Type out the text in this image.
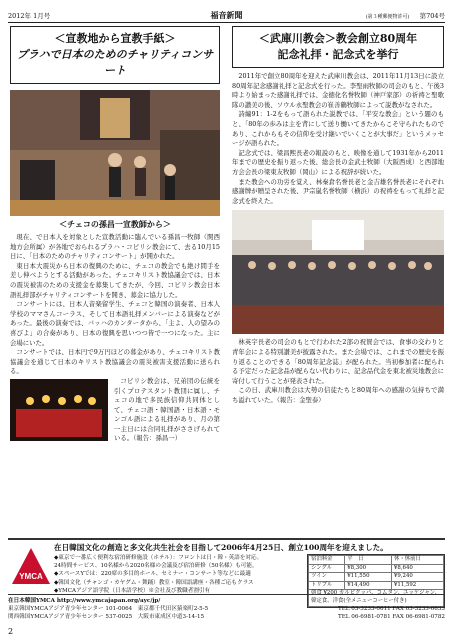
2012年 1月号	福音新聞	(第３種郵便物許可) 第704号
＜宣教地から宣教手紙＞
プラハで日本のためのチャリティコンサート
＜チェコの孫昌一宣教師から＞

現在、で日本人を対象とした宣教活動に臨んでいる孫昌一牧師（関西地方会所属）が各地でおられるプラハ・コピリシ教会にて、去る10月15日に、「日本のためのチャリティコンサート」が開かれた。

東日本大震災から日本の復興のために、チェコの教会でも絶け間手を差し伸べようとする活動があった。チェコキリスト教協議会では、日本の震災被害のための支援金を募集してきたが、今回、コピリシ教会日本語礼拝部がチャリティコンサートを開き、募金に協力した。

コンサートには、日本人音楽留学生、チェコと韓国の演奏者、日本人学校のママさんコーラス、そして日本語礼拝メンバーによる演奏などがあった。最後の演奏では、バッハのカンタータから、「主よ、人の望みの喜びよ」の合奏があり、日本の復興を思いつつ皆で一つになった。主に会場にいた。

コンサートでは、日本円で9万円ほどの募金があり、チェコキリスト教協議会を通じて日本のキリスト教協議会の震災被害支援活動に送られる。

コピリシ教会は、兄弟団の伝統を引くプロテスタント教団に属し、チェコの地で多民族信仰共同体として、チェコ語・韓国語・日本語・モンゴル語による礼拝があり、月の第一主日には合同礼拝がささげられている。（報告：孫昌一）

＜武庫川教会＞教会創立80周年
記念礼拝・記念式を挙行

2011年で創立80周年を迎えた武庫川教会は、2011年11月13日に設立80周年記念感謝礼拝と記念式を行った。李聖雨牧師の司会のもと、午後3時より始まった感謝礼拝では、金徳化名誉牧師（神戸家部）の祈祷と聖歌隊の讃美の後、ソウル永聖教会の崔善鶴牧師によって説教がなされた。

詩編91：1-2をもって語られた説教では、「平安な教会」という題のもと、「80年の歩みは主を背にして送り働いてきたからこそ守られたものであり、これからもその信仰を受け継いでいくことが大事だ」というメッセージが語られた。

記念式では、梁昌熙長老の報説のもと、映像を通して1931年から2011年までの歴史を振り返った後、総会長の金武士牧師（大阪西成）と西部地方会会長の梁東友牧師（岡山）による祝辞が続いた。

また教会への功労を覚え、林秦倉名誉長老と金吉雄名誉長老にそれぞれ感謝牌が贈呈された後、尹宗嵐名誉牧師（横浜）の祝祷をもって礼拝と記念式を終えた。

林英宇長老の司会のもとで行われた2部の祝賀会では、食事の交わりと青年会による特別讃美が披露された。また会場では、これまでの歴史を振り返ることのできる「80周年記念誌」が配られた。当初参加者に配られる予定だった記念品が配らない代わりに、記念品代金を東北被災地教会に寄付して行うことが発表された。

この日、武庫川教会は大勢の信徒たちと80周年への感謝の気持ちで満ち溢れていた。（報告：金聖泰）

YMCA
在日韓国文化の創造と多文化共生社会を目指して2006年4月25日、創立100周年を迎えました。
◆東京で一番広く便利な宿泊研修施設（ホテル）：フロントは日・韓・英語を対応。
24時間サービス、10名様から2020名様の会議及び宿泊研修（50名様）も可能。
◆スペースYでは：220席の多目的ホール、セミナー・コンサート等などに最適
◆韓国文化（チャンゴ・カヤグム・舞踊）教室・韓国語講座・各種ご応もクラス
◆YMCAアジア語学院（日本語学校）※会社及び教職者割引有
宿泊料金	平　日	休・休前日
シングル	¥8,300	¥8,640
ツイン	¥11,550	¥9,240
トリプル	¥14,490	¥11,592
朝食 ¥200 カルビクッパ、コムタン、ユッケジャン、韓定食、洋食(全メニューコーヒー付き)		
在日本韓国YMCA http://www.ymcajapan.org/ayc/jp/
東京韓国YMCAアジア青少年センター 101-0064　東京都千代田区猿楽町2-5-5	TEL 03-3233-0611 FAX 03-3233-0633
関西韓国YMCAアジア青少年センター 537-0025　大阪市東成区中道3-14-15	TEL 06-6981-0781 FAX 06-6981-0782
2
